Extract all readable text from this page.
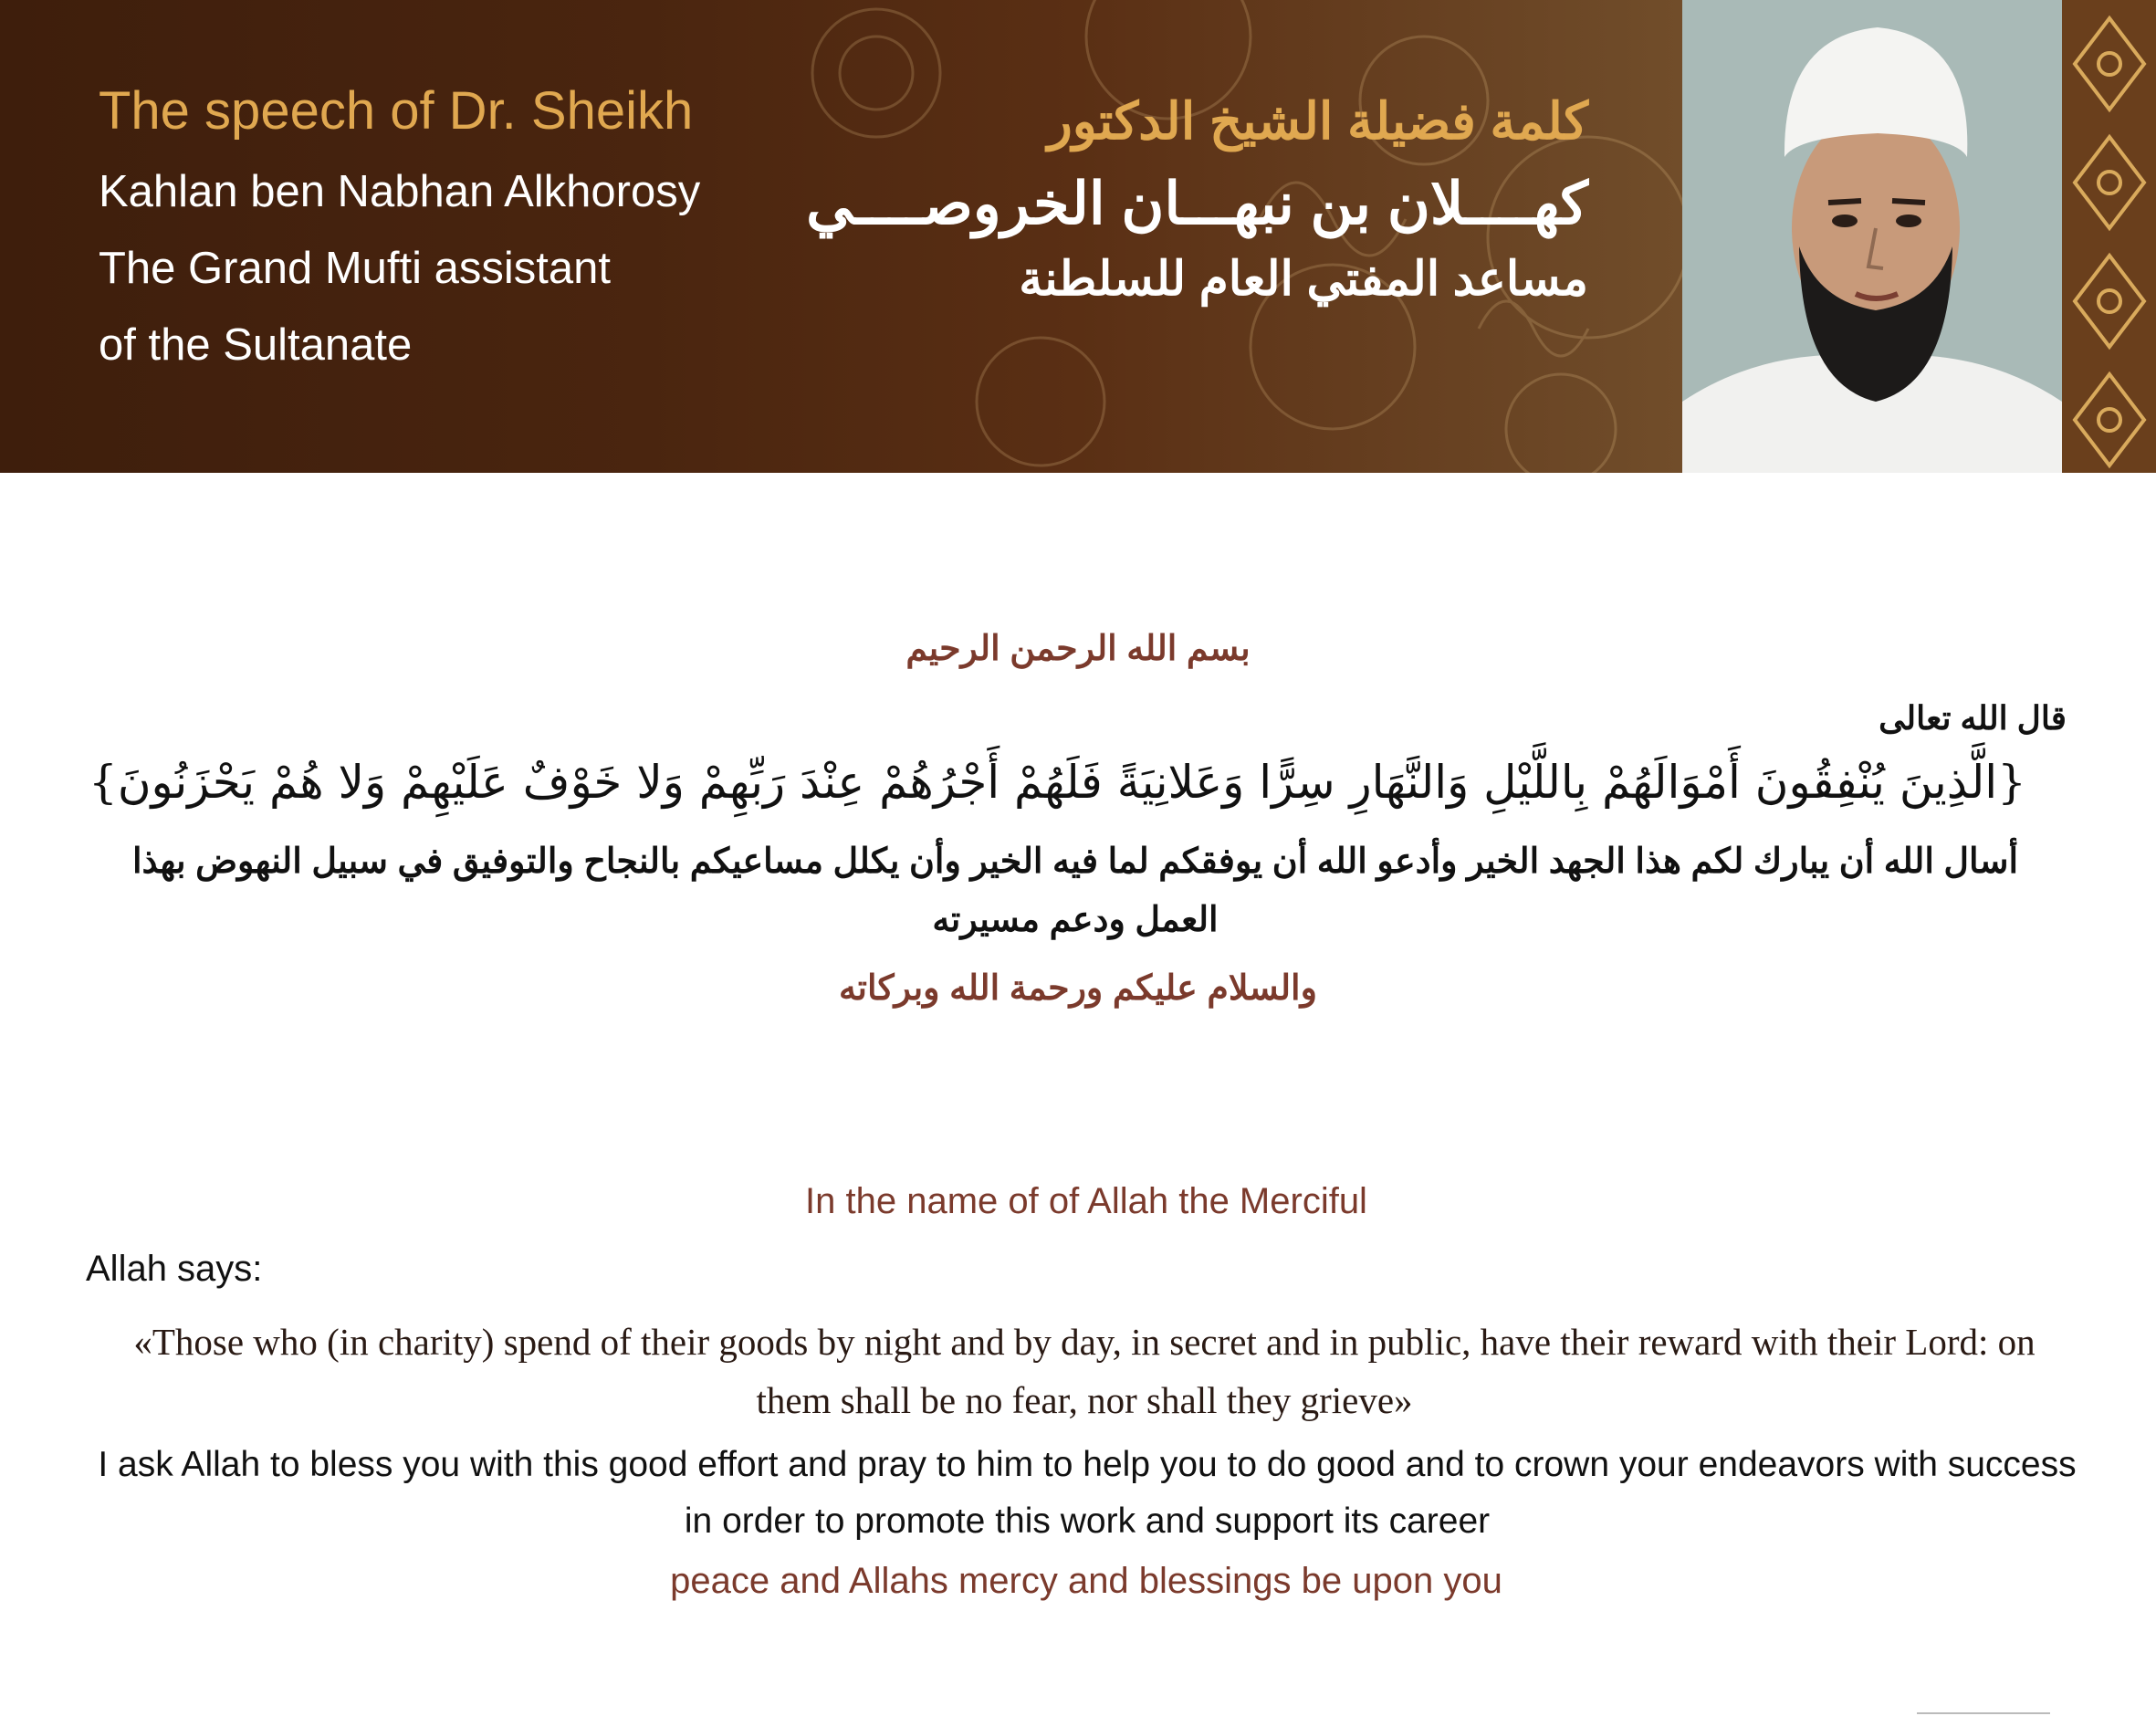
The speech of Dr. Sheikh
Kahlan ben Nabhan Alkhorosy
The Grand Mufti assistant
of the Sultanate
كلمة فضيلة الشيخ الدكتور
كهــــلان بن نبهـــان الخروصــــي
مساعد المفتي العام للسلطنة
بسم الله الرحمن الرحيم
قال الله تعالى
{الَّذِينَ يُنْفِقُونَ أَمْوَالَهُمْ بِاللَّيْلِ وَالنَّهَارِ سِرًّا وَعَلانِيَةً فَلَهُمْ أَجْرُهُمْ عِنْدَ رَبِّهِمْ وَلا خَوْفٌ عَلَيْهِمْ وَلا هُمْ يَحْزَنُونَ}
أسال الله أن يبارك لكم هذا الجهد الخير وأدعو الله أن يوفقكم لما فيه الخير وأن يكلل مساعيكم بالنجاح والتوفيق في سبيل النهوض بهذا العمل ودعم مسيرته
والسلام عليكم ورحمة الله وبركاته
In the name of of Allah the Merciful
Allah says:
«Those who (in charity) spend of their goods by night and by day, in secret and in public, have their reward with their Lord: on them shall be no fear, nor shall they grieve»
I ask Allah to bless you with this good effort and pray to him to help you to do good and to crown your endeavors with success in order to promote this work and support its career
peace and Allahs mercy and blessings be upon you
